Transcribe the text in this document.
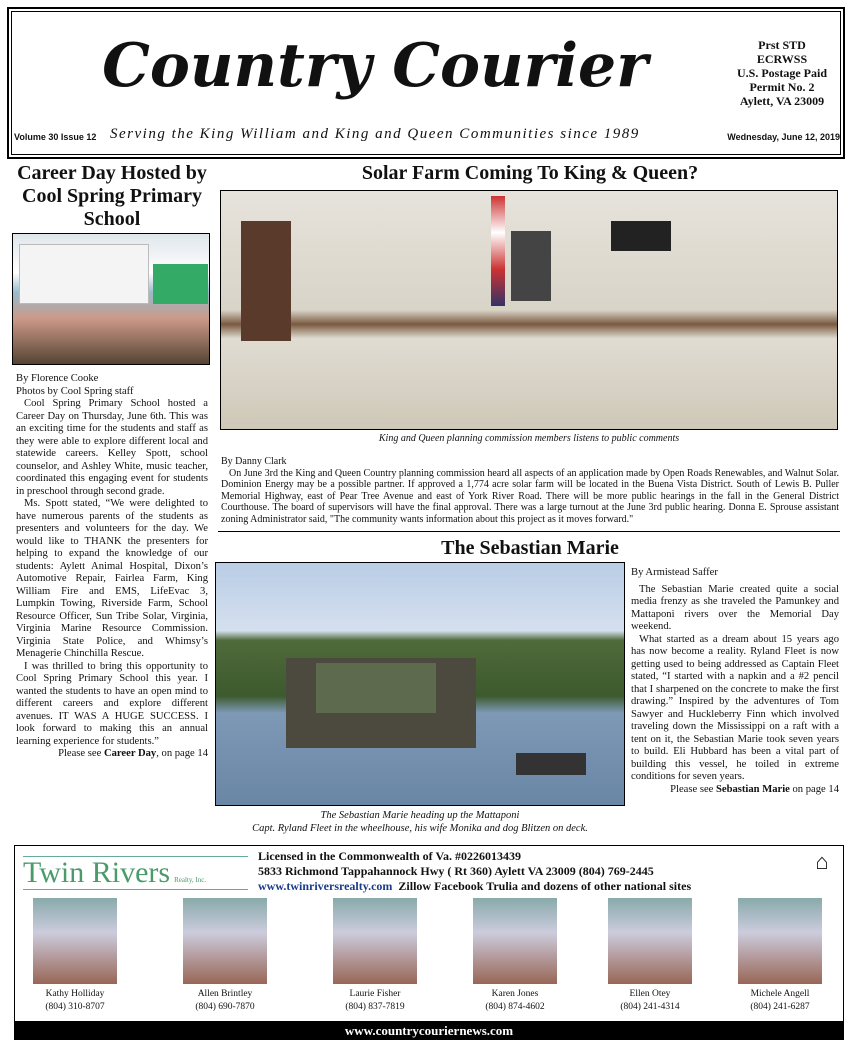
Country Courier	Prst STD
ECRWSS
U.S. Postage Paid
Permit No. 2
Aylett, VA 23009
Volume 30 Issue 12 Serving the King William and King and Queen Communities since 1989	Wednesday, June 12, 2019
Career Day Hosted by Cool Spring Primary School
By Florence Cooke
Photos by Cool Spring staff

Cool Spring Primary School hosted a Career Day on Thursday, June 6th. This was an exciting time for the students and staff as they were able to explore different local and statewide careers. Kelley Spott, school counselor, and Ashley White, music teacher, coordinated this engaging event for students in preschool through second grade.

Ms. Spott stated, “We were delighted to have numerous parents of the students as presenters and volunteers for the day. We would like to THANK the presenters for helping to expand the knowledge of our students: Aylett Animal Hospital, Dixon’s Automotive Repair, Fairlea Farm, King William Fire and EMS, LifeEvac 3, Lumpkin Towing, Riverside Farm, School Resource Officer, Sun Tribe Solar, Virginia, Virginia Marine Resource Commission. Virginia State Police, and Whimsy’s Menagerie Chinchilla Rescue.

I was thrilled to bring this opportunity to Cool Spring Primary School this year. I wanted the students to have an open mind to different careers and explore different avenues. IT WAS A HUGE SUCCESS. I look forward to making this an annual learning experience for students.”

Please see Career Day, on page 14
Solar Farm Coming To King & Queen?
King and Queen planning commission members listens to public comments
By Danny Clark

On June 3rd the King and Queen Country planning commission heard all aspects of an application made by Open Roads Renewables, and Walnut Solar. Dominion Energy may be a possible partner. If approved a 1,774 acre solar farm will be located in the Buena Vista District. South of Lewis B. Puller Memorial Highway, east of Pear Tree Avenue and east of York River Road. There will be more public hearings in the fall in the General District Courthouse. The board of supervisors will have the final approval. There was a large turnout at the June 3rd public hearing. Donna E. Sprouse assistant zoning Administrator said, "The community wants information about this project as it moves forward."

The Sebastian Marie
The Sebastian Marie heading up the Mattaponi
Capt. Ryland Fleet in the wheelhouse, his wife Monika and dog Blitzen on deck.
By Armistead Saffer

The Sebastian Marie created quite a social media frenzy as she traveled the Pamunkey and Mattaponi rivers over the Memorial Day weekend.

What started as a dream about 15 years ago has now become a reality. Ryland Fleet is now getting used to being addressed as Captain Fleet stated, “I started with a napkin and a #2 pencil that I sharpened on the concrete to make the first drawing.” Inspired by the adventures of Tom Sawyer and Huckleberry Finn which involved traveling down the Mississippi on a raft with a tent on it, the Sebastian Marie took seven years to build. Eli Hubbard has been a vital part of building this vessel, he toiled in extreme conditions for seven years.

Please see Sebastian Marie on page 14
Twin Rivers Realty, Inc.
Licensed in the Commonwealth of Va. #0226013439
5833 Richmond Tappahannock Hwy ( Rt 360) Aylett VA 23009 (804) 769-2445
www.twinriversrealty.com Zillow Facebook Trulia and dozens of other national sites
⌂
Kathy Holliday
(804) 310-8707
Allen Brintley
(804) 690-7870
Laurie Fisher
(804) 837-7819
Karen Jones
(804) 874-4602
Ellen Otey
(804) 241-4314
Michele Angell
(804) 241-6287
www.countrycouriernews.com
